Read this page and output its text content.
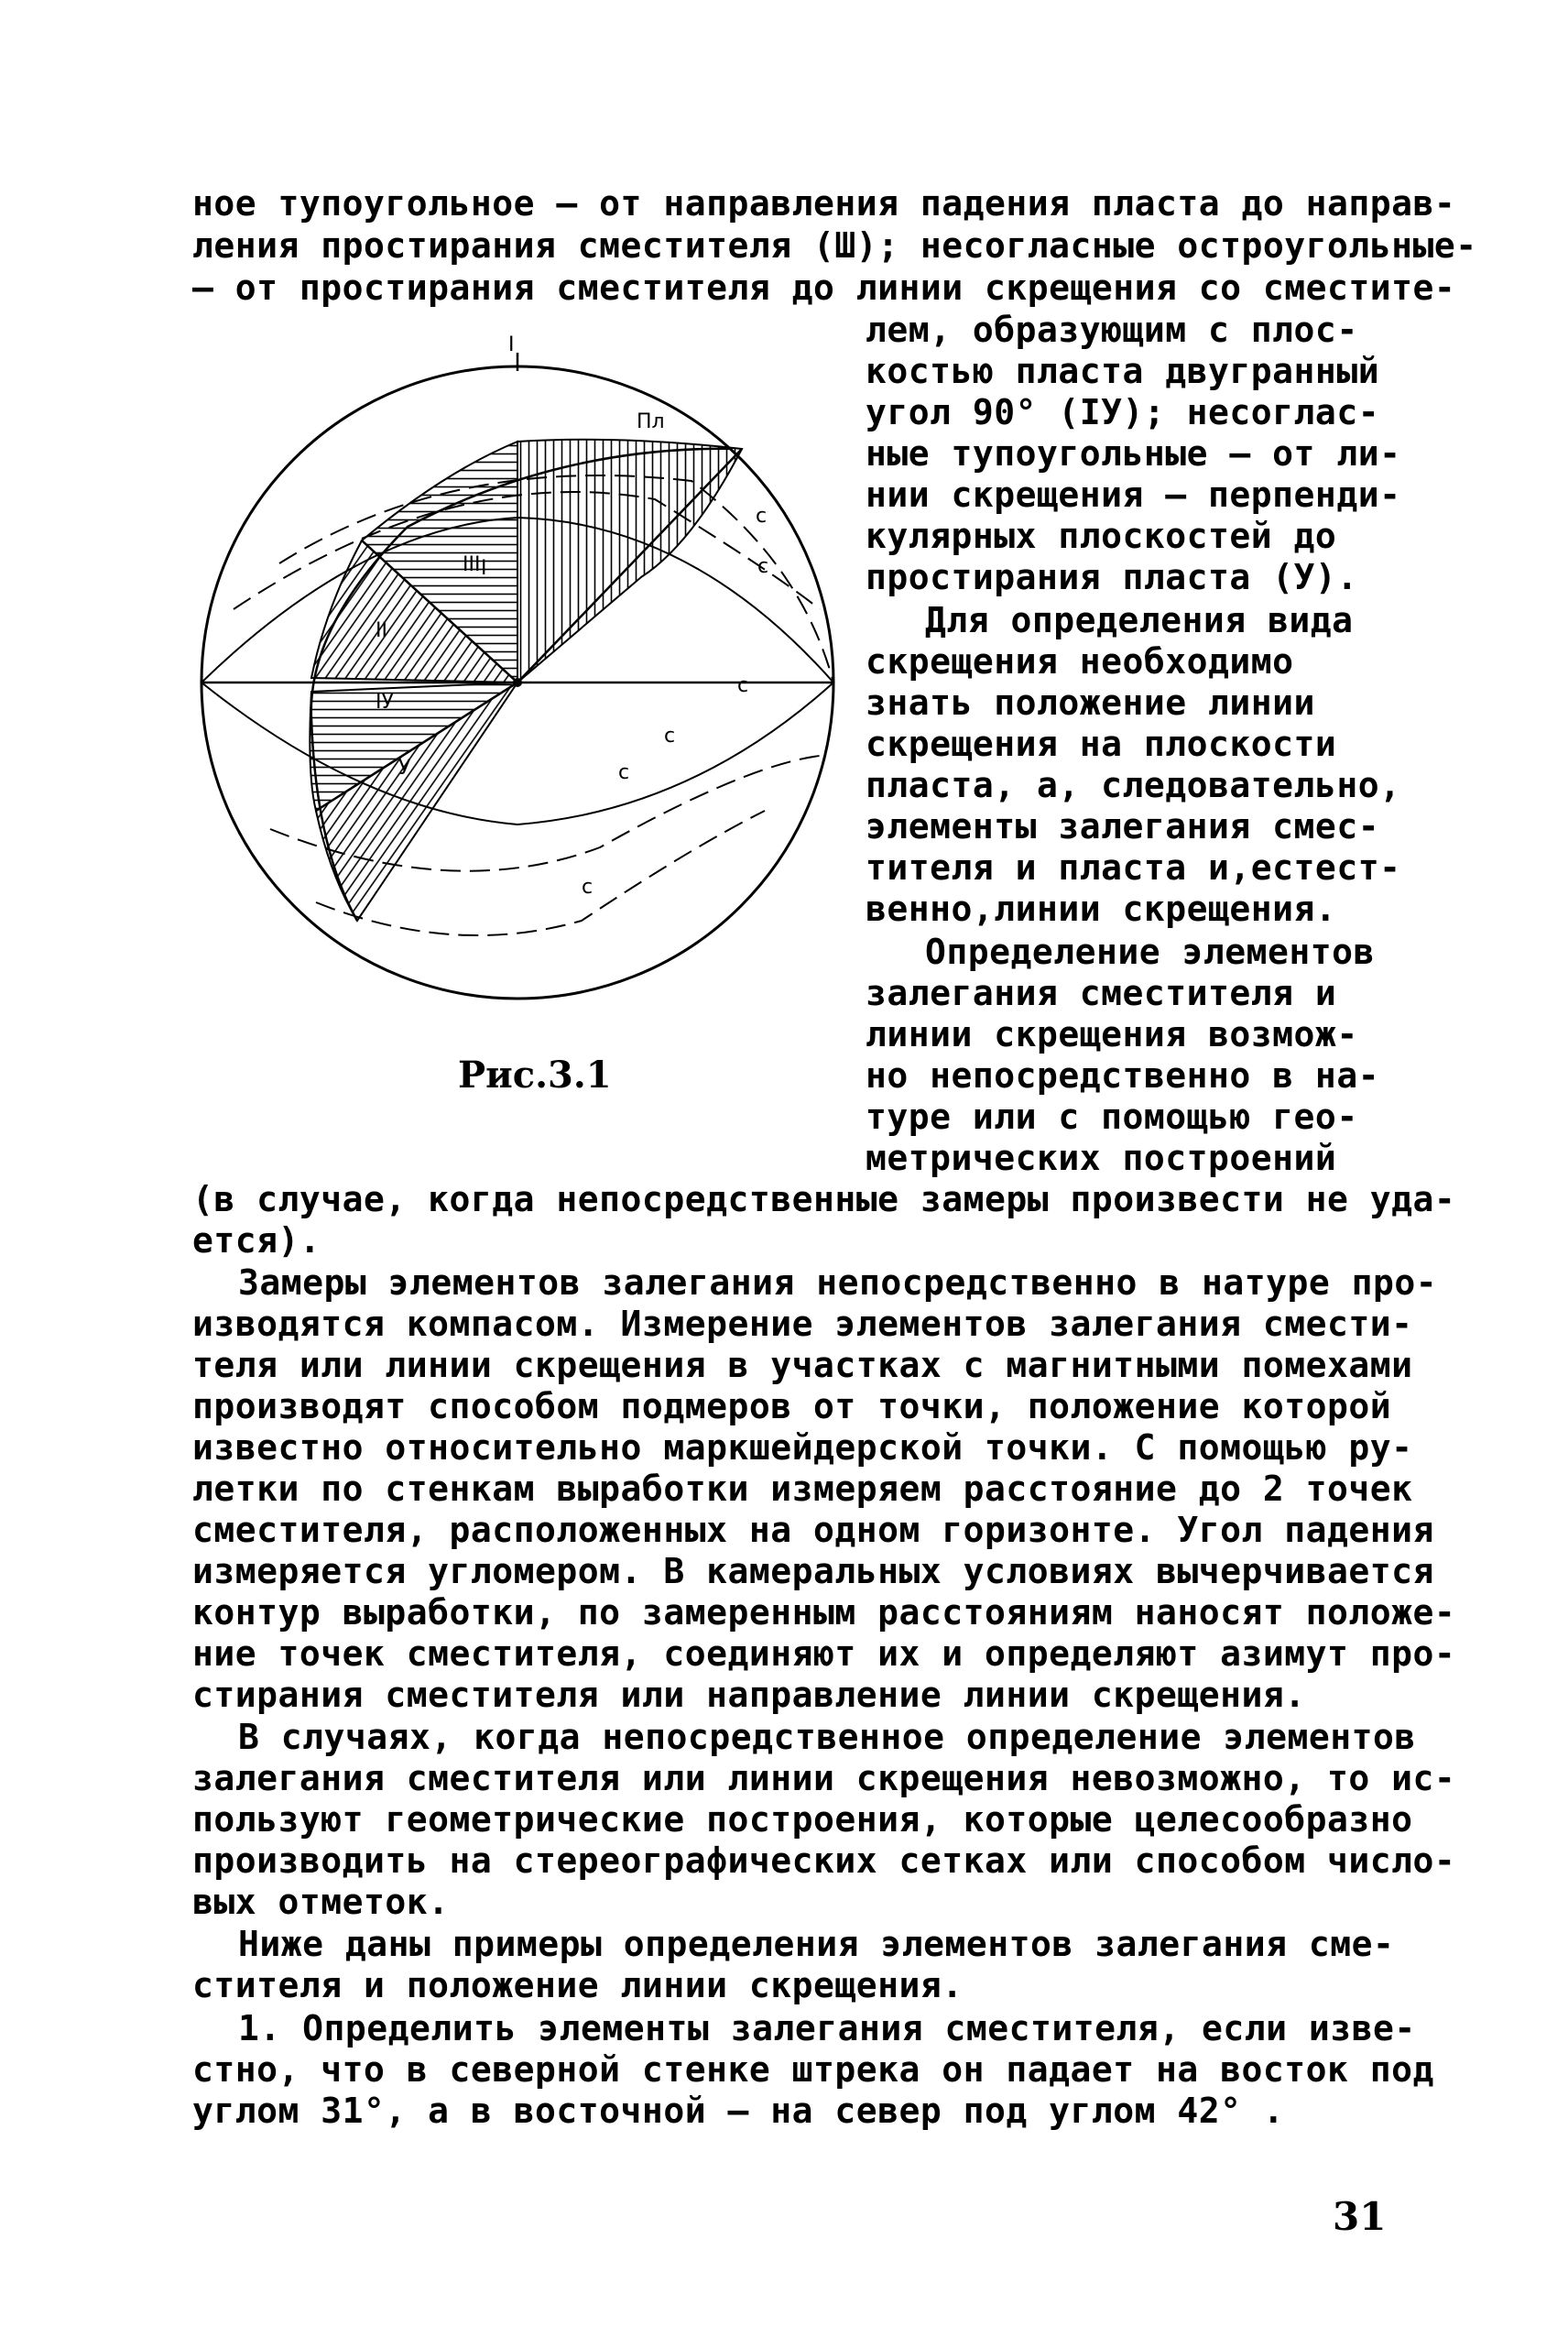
ное тупоугольное – от направления падения пласта до направ-

ления простирания сместителя (Ш); несогласные остроугольные-

– от простирания сместителя до линии скрещения со сместите-

лем, образующим с плос-

костью пласта двугранный

угол 90° (IУ); несоглас-

ные тупоугольные – от ли-

нии скрещения – перпенди-

кулярных плоскостей до

простирания пласта (У).

Для определения вида

скрещения необходимо

знать положение линии

скрещения на плоскости

пласта, а, следовательно,

элементы залегания смес-

тителя и пласта и,естест-

венно,линии скрещения.

Определение элементов

залегания сместителя и

линии скрещения возмож-

но непосредственно в на-

туре или с помощью гео-

метрических построений

I
Пл
I
II
III
IУ
У
с
с
с
с
с
с
Рис.3.1

(в случае, когда непосредственные замеры произвести не уда-

ется).

Замеры элементов залегания непосредственно в натуре про-

изводятся компасом. Измерение элементов залегания смести-

теля или линии скрещения в участках с магнитными помехами

производят способом подмеров от точки, положение которой

известно относительно маркшейдерской точки. С помощью ру-

летки по стенкам выработки измеряем расстояние до 2 точек

сместителя, расположенных на одном горизонте. Угол падения

измеряется угломером. В камеральных условиях вычерчивается

контур выработки, по замеренным расстояниям наносят положе-

ние точек сместителя, соединяют их и определяют азимут про-

стирания сместителя или направление линии скрещения.

В случаях, когда непосредственное определение элементов

залегания сместителя или линии скрещения невозможно, то ис-

пользуют геометрические построения, которые целесообразно

производить на стереографических сетках или способом число-

вых отметок.

Ниже даны примеры определения элементов залегания сме-

стителя и положение линии скрещения.

1. Определить элементы залегания сместителя, если изве-

стно, что в северной стенке штрека он падает на восток под

углом 31°, а в восточной – на север под углом 42° .

31
